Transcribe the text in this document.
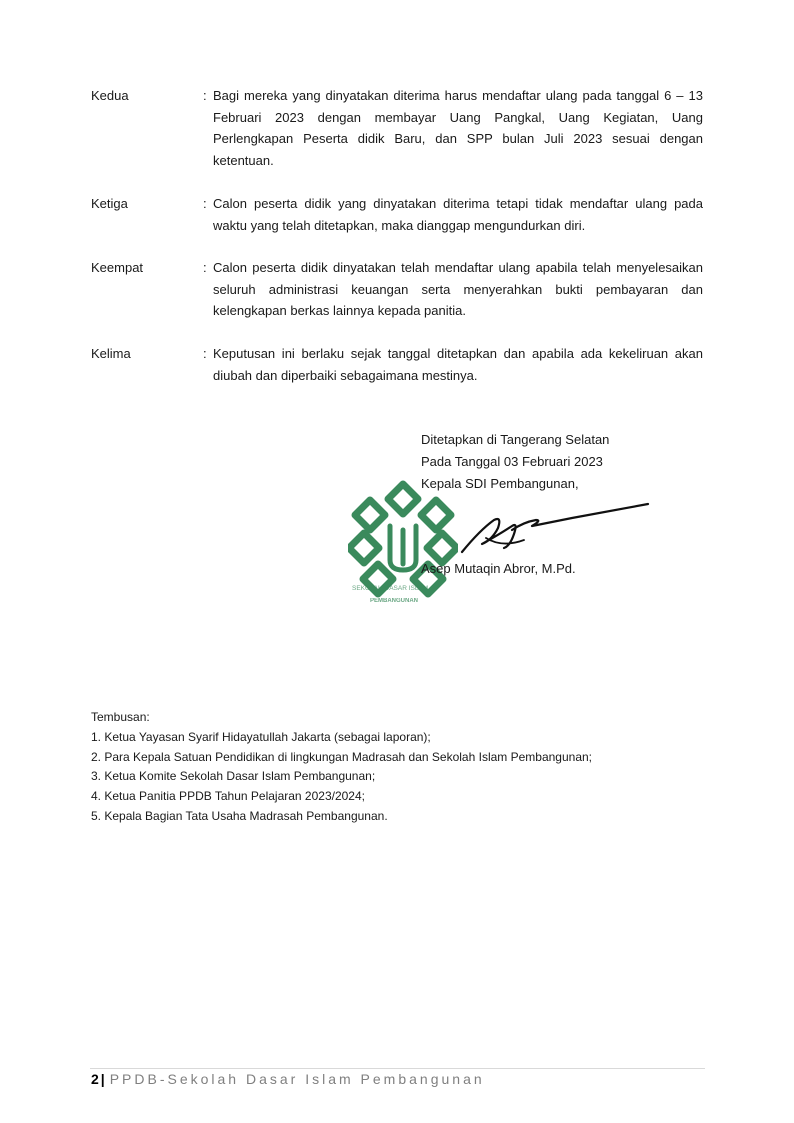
Kedua	: Bagi mereka yang dinyatakan diterima harus mendaftar ulang pada tanggal 6 – 13 Februari 2023 dengan membayar Uang Pangkal, Uang Kegiatan, Uang Perlengkapan Peserta didik Baru, dan SPP bulan Juli 2023 sesuai dengan ketentuan.
Ketiga	: Calon peserta didik yang dinyatakan diterima tetapi tidak mendaftar ulang pada waktu yang telah ditetapkan, maka dianggap mengundurkan diri.
Keempat	: Calon peserta didik dinyatakan telah mendaftar ulang apabila telah menyelesaikan seluruh administrasi keuangan serta menyerahkan bukti pembayaran dan kelengkapan berkas lainnya kepada panitia.
Kelima	: Keputusan ini berlaku sejak tanggal ditetapkan dan apabila ada kekeliruan akan diubah dan diperbaiki sebagaimana mestinya.
SEKOLAH DASAR ISLAM
PEMBANGUNAN
Ditetapkan di Tangerang Selatan
Pada Tanggal 03 Februari 2023
Kepala SDI Pembangunan,
Asep Mutaqin Abror, M.Pd.
Tembusan:
1. Ketua Yayasan Syarif Hidayatullah Jakarta (sebagai laporan);
2. Para Kepala Satuan Pendidikan di lingkungan Madrasah dan Sekolah Islam Pembangunan;
3. Ketua Komite Sekolah Dasar Islam Pembangunan;
4. Ketua Panitia PPDB Tahun Pelajaran 2023/2024;
5. Kepala Bagian Tata Usaha Madrasah Pembangunan.
2 | PPDB-Sekolah Dasar Islam Pembangunan
